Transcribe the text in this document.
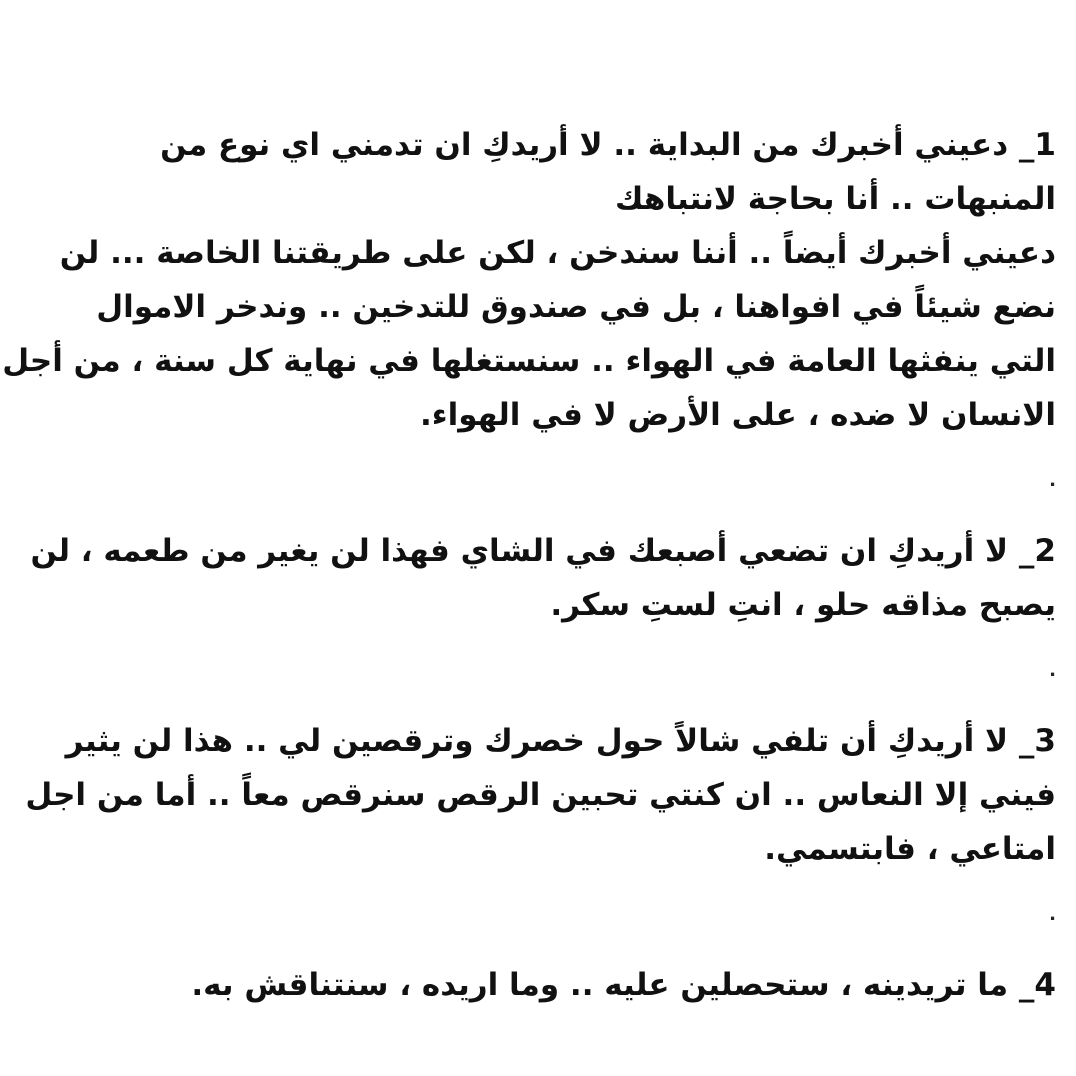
1_ دعيني أخبرك من البداية .. لا أريدكِ ان تدمني اي نوع من
المنبهات .. أنا بحاجة لانتباهك
دعيني أخبرك أيضاً .. أننا سندخن ، لكن على طريقتنا الخاصة ... لن
نضع شيئاً في افواهنا ، بل في صندوق للتدخين .. وندخر الاموال
التي ينفثها العامة في الهواء .. سنستغلها في نهاية كل سنة ، من أجل
الانسان لا ضده ، على الأرض لا في الهواء.
.
2_ لا أريدكِ ان تضعي أصبعك في الشاي فهذا لن يغير من طعمه ، لن
يصبح مذاقه حلو ، انتِ لستِ سكر.
.
3_ لا أريدكِ أن تلفي شالاً حول خصرك وترقصين لي .. هذا لن يثير
فيني إلا النعاس .. ان كنتي تحبين الرقص سنرقص معاً .. أما من اجل
امتاعي ، فابتسمي.
.
4_ ما تريدينه ، ستحصلين عليه .. وما اريده ، سنتناقش به.
